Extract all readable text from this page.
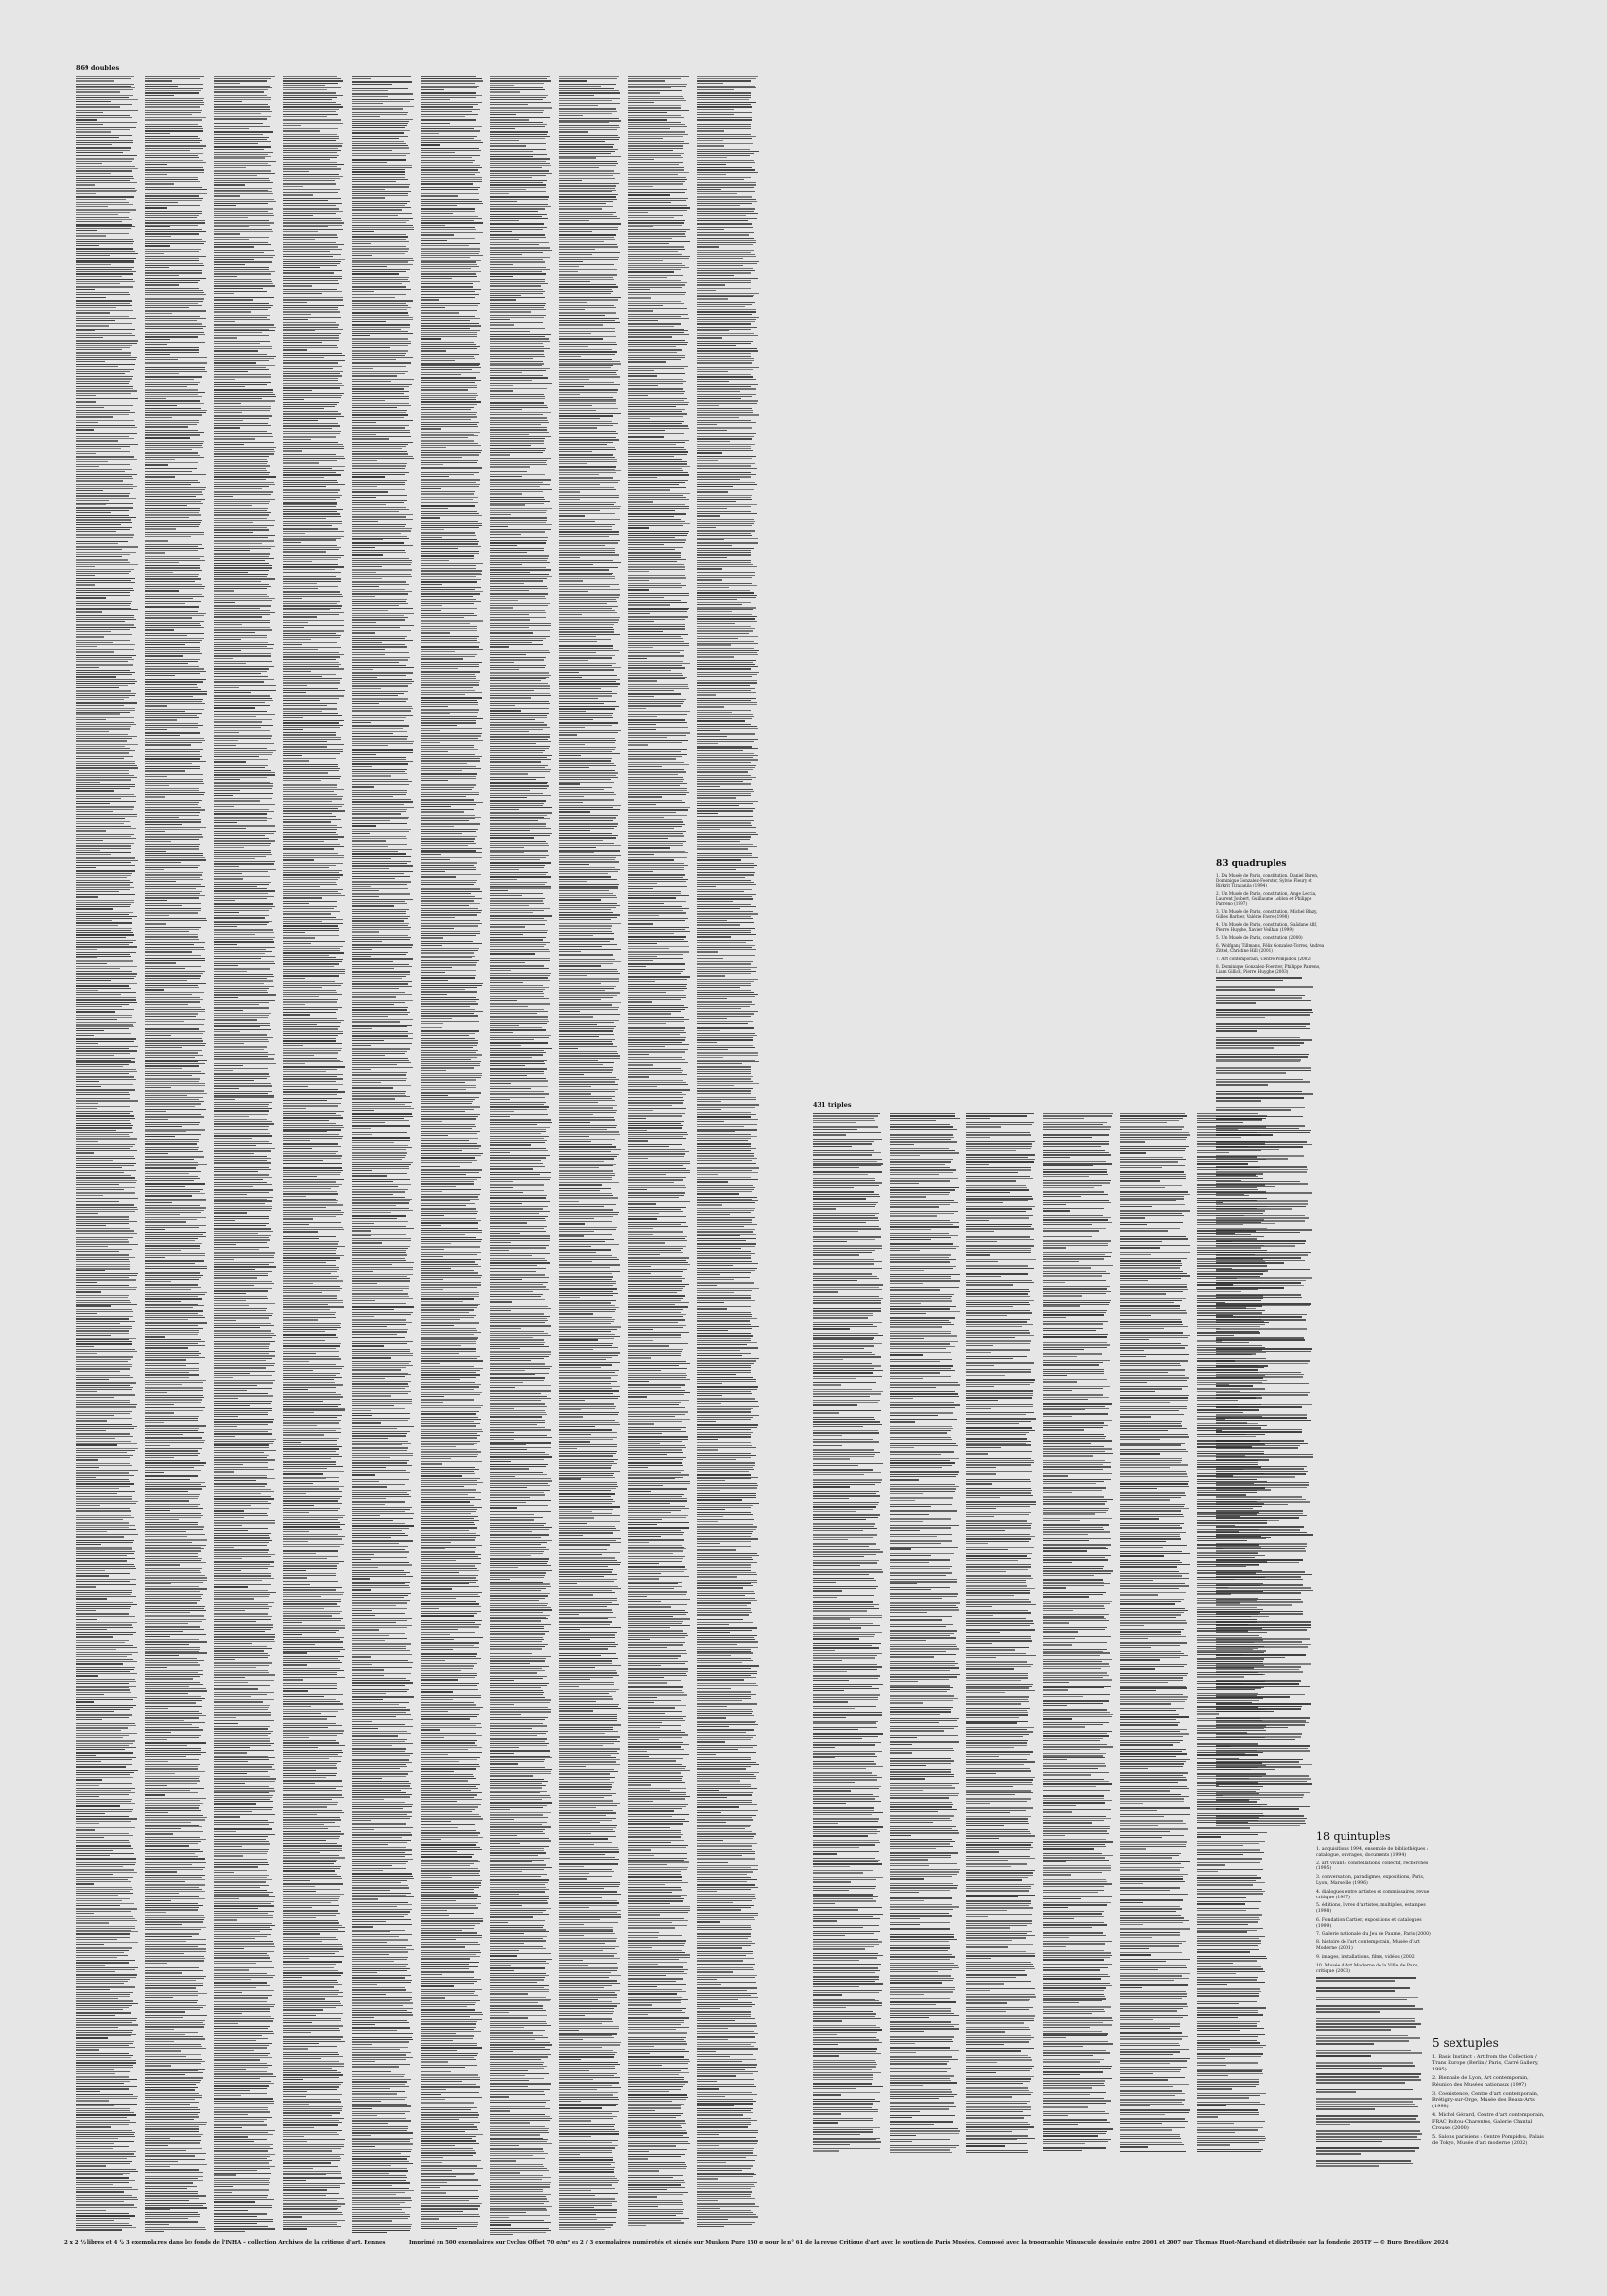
869 doubles
431 triples
83 quadruples
1. Du Musée de Paris, constitution. Daniel Buren, Dominique Gonzalez-Foerster, Sylvie Fleury et Rirkrit Tiravanija (1994)
2. Un Musée de Paris, constitution, Ange Leccia, Laurent Joubert, Guillaume Leblon et Philippe Parreno (1997)
3. Un Musée de Paris, constitution, Michel Blazy, Gilles Barbier, Valérie Favre (1998)
4. Un Musée de Paris, constitution, Saâdane Afif, Pierre Huyghe, Xavier Veilhan (1999)
5. Un Musée de Paris, constitution (2000)
6. Wolfgang Tillmans, Félix Gonzalez-Torres, Andrea Zittel, Christine Hill (2001)
7. Art contemporain, Centre Pompidou (2002)
8. Dominique Gonzalez-Foerster, Philippe Parreno, Liam Gillick, Pierre Huyghe (2003)
18 quintuples
1. acquisitions 1994, ensemble de bibliothèques : catalogue, ouvrages, documents (1994)
2. art vivant : constellations, collectif, recherches (1995)
3. conversation, paradigmes, expositions, Paris, Lyon, Marseille (1996)
4. dialogues entre artistes et commissaires, revue critique (1997)
5. éditions, livres d'artistes, multiples, estampes (1998)
6. Fondation Cartier, expositions et catalogues (1999)
7. Galerie nationale du Jeu de Paume, Paris (2000)
8. histoire de l'art contemporain, Musée d'Art Moderne (2001)
9. images, installations, films, vidéos (2002)
10. Musée d'Art Moderne de la Ville de Paris, critique (2003)
5 sextuples
1. Basic Instinct : Art from the Collection / Trans Europe (Berlin / Paris, Carré Gallery, 1995)
2. Biennale de Lyon, Art contemporain, Réunion des Musées nationaux (1997)
3. Coexistence, Centre d'art contemporain, Brétigny-sur-Orge, Musée des Beaux-Arts (1998)
4. Michel Gérard, Centre d'art contemporain, FRAC Poitou-Charentes, Galerie Chantal Crousel (2000)
5. Salons parisiens : Centre Pompidou, Palais de Tokyo, Musée d'art moderne (2002)
2 x 2 ½ libres et 4 ½ 3 exemplaires dans les fonds de l'INHA – collection Archives de la critique d'art, Rennes	Imprimé en 500 exemplaires sur Cyclus Offset 70 g/m² en 2 / 3 exemplaires numérotés et signés sur Munken Pure 150 g pour le n° 61 de la revue Critique d'art avec le soutien de Paris Musées. Composé avec la typographie Minuscule dessinée entre 2001 et 2007 par Thomas Huot-Marchand et distribuée par la fonderie 205TF — © Buro Brestikov 2024
